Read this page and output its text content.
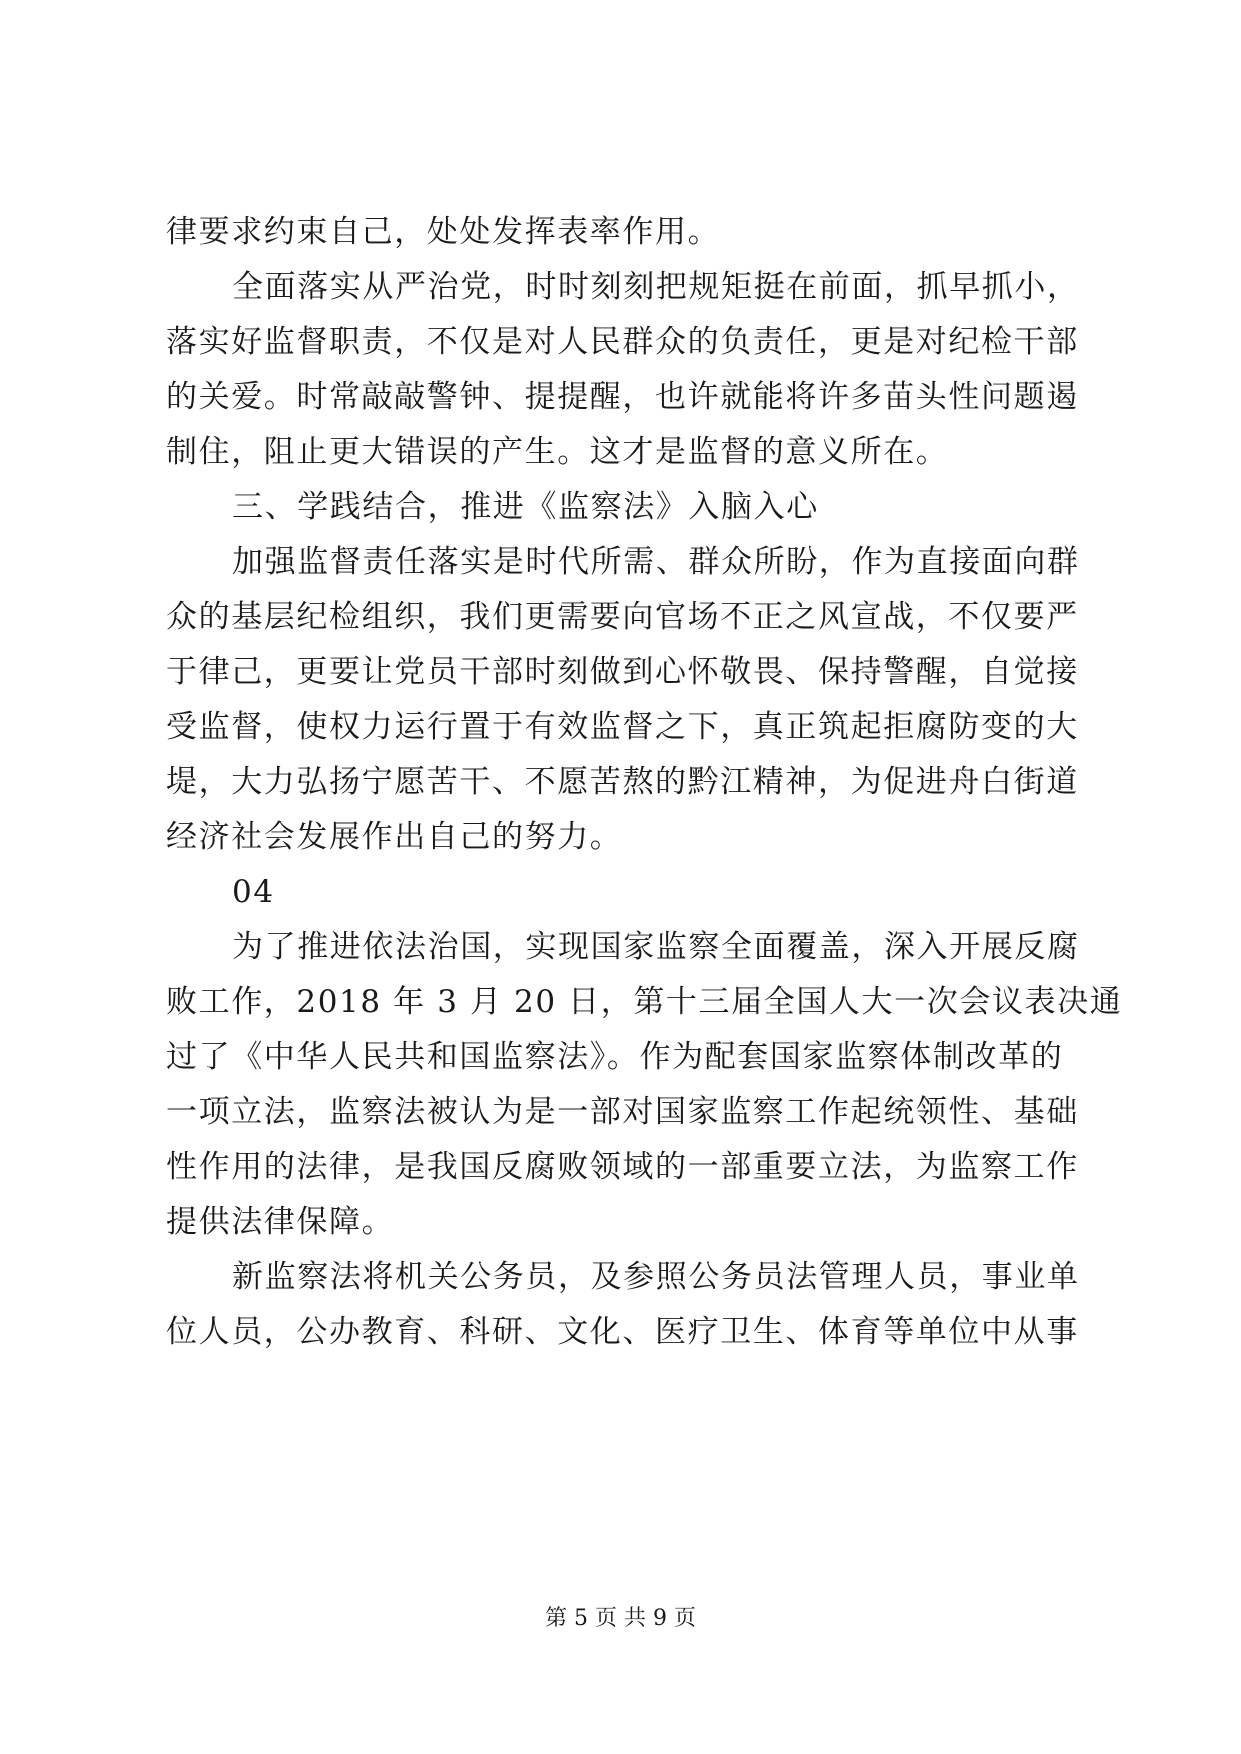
律要求约束自己，处处发挥表率作用。
全面落实从严治党，时时刻刻把规矩挺在前面，抓早抓小，
落实好监督职责，不仅是对人民群众的负责任，更是对纪检干部
的关爱。时常敲敲警钟、提提醒，也许就能将许多苗头性问题遏
制住，阻止更大错误的产生。这才是监督的意义所在。
三、学践结合，推进《监察法》入脑入心
加强监督责任落实是时代所需、群众所盼，作为直接面向群
众的基层纪检组织，我们更需要向官场不正之风宣战，不仅要严
于律己，更要让党员干部时刻做到心怀敬畏、保持警醒，自觉接
受监督，使权力运行置于有效监督之下，真正筑起拒腐防变的大
堤，大力弘扬宁愿苦干、不愿苦熬的黔江精神，为促进舟白街道
经济社会发展作出自己的努力。
04
为了推进依法治国，实现国家监察全面覆盖，深入开展反腐
败工作，2018 年 3 月 20 日，第十三届全国人大一次会议表决通
过了《中华人民共和国监察法》。作为配套国家监察体制改革的
一项立法，监察法被认为是一部对国家监察工作起统领性、基础
性作用的法律，是我国反腐败领域的一部重要立法，为监察工作
提供法律保障。
新监察法将机关公务员，及参照公务员法管理人员，事业单
位人员，公办教育、科研、文化、医疗卫生、体育等单位中从事
第 5 页 共 9 页
